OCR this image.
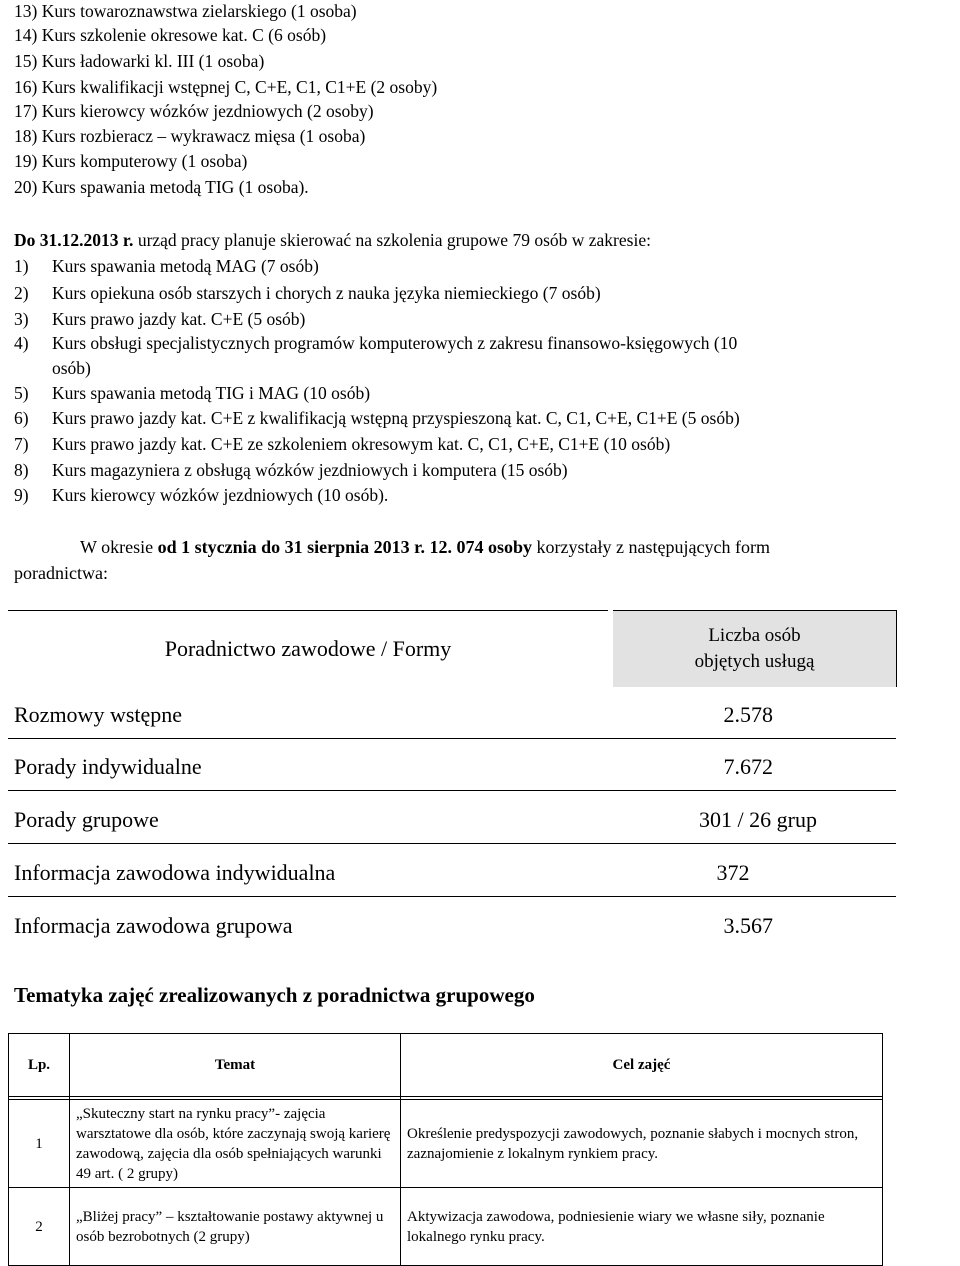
13) Kurs towaroznawstwa zielarskiego (1 osoba)
14) Kurs szkolenie okresowe kat. C (6 osób)
15) Kurs ładowarki kl. III (1 osoba)
16) Kurs kwalifikacji wstępnej C, C+E, C1, C1+E (2 osoby)
17) Kurs kierowcy wózków jezdniowych (2 osoby)
18) Kurs rozbieracz – wykrawacz mięsa (1 osoba)
19) Kurs komputerowy (1 osoba)
20) Kurs spawania metodą TIG (1 osoba).
Do 31.12.2013 r. urząd pracy planuje skierować na szkolenia grupowe 79 osób w zakresie:
1) Kurs spawania metodą MAG (7 osób)
2) Kurs opiekuna osób starszych i chorych z nauka języka niemieckiego (7 osób)
3) Kurs prawo jazdy kat. C+E (5 osób)
4) Kurs obsługi specjalistycznych programów komputerowych z zakresu finansowo-księgowych (10
osób)
5) Kurs spawania metodą TIG i MAG (10 osób)
6) Kurs prawo jazdy kat. C+E z kwalifikacją wstępną przyspieszoną kat. C, C1, C+E, C1+E (5 osób)
7) Kurs prawo jazdy kat. C+E ze szkoleniem okresowym kat. C, C1, C+E, C1+E (10 osób)
8) Kurs magazyniera z obsługą wózków jezdniowych i komputera (15 osób)
9) Kurs kierowcy wózków jezdniowych (10 osób).
W okresie od 1 stycznia do 31 sierpnia 2013 r. 12. 074 osoby korzystały z następujących form
poradnictwa:
Poradnictwo zawodowe / Formy
Liczba osób
objętych usługą
Rozmowy wstępne	2.578
Porady indywidualne	7.672
Porady grupowe	301 / 26 grup
Informacja zawodowa indywidualna	372
Informacja zawodowa grupowa	3.567
Tematyka zajęć zrealizowanych z poradnictwa grupowego
Lp.	Temat	Cel zajęć

1	„Skuteczny start na rynku pracy”- zajęcia warsztatowe dla osób, które zaczynają swoją karierę zawodową, zajęcia dla osób spełniających warunki 49 art. ( 2 grupy)	Określenie predyspozycji zawodowych, poznanie słabych i mocnych stron, zaznajomienie z lokalnym rynkiem pracy.
2	„Bliżej pracy” – kształtowanie postawy aktywnej u osób bezrobotnych (2 grupy)	Aktywizacja zawodowa, podniesienie wiary we własne siły, poznanie lokalnego rynku pracy.
